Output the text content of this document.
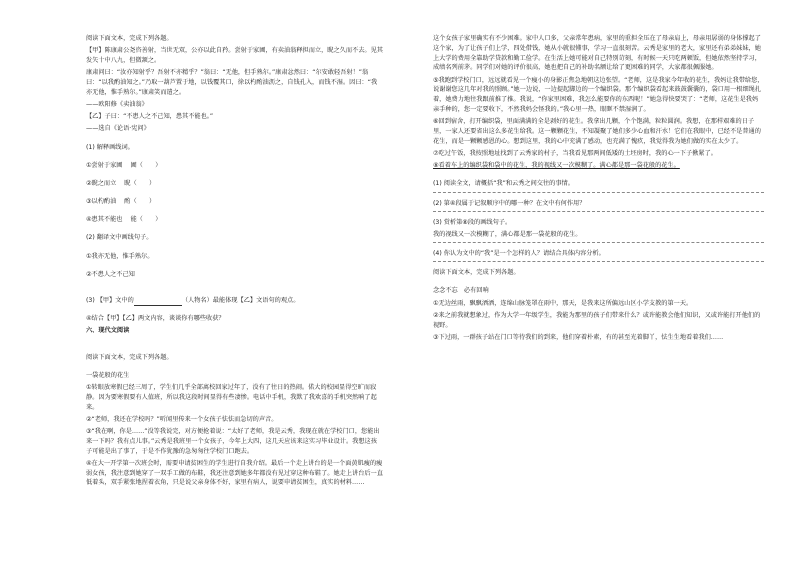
阅读下面文本，完成下列各题。

【甲】陈康肃公尧咨善射，当世无双，公亦以此自矜。尝射于家圃，有卖油翁释担而立，睨之久而不去。见其发矢十中八九，但微颔之。

康肃问曰：“汝亦知射乎？吾射不亦精乎？”翁曰：“无他，但手熟尔。”康肃忿然曰：“尔安敢轻吾射！”翁曰：“以我酌油知之。”乃取一葫芦置于地，以钱覆其口，徐以杓酌油沥之，自钱孔入，而钱不湿。因曰：“我亦无他，惟手熟尔。”康肃笑而遣之。

——欧阳修《卖油翁》

【乙】子曰：“不患人之不己知，患其不能也。”

——选自《论语·宪问》

(1) 解释画线词。

①尝射于家圃 圃（　　）

②睨之而立 睨（　　）

③以杓酌油 酌（　　）

④患其不能也 能（　　）

(2) 翻译文中画线句子。

①我亦无他，惟手熟尔。

②不患人之不己知

(3) 【甲】文中的	（人物名）最能体现【乙】文语句的观点。

④结合【甲】【乙】两文内容，谈谈你有哪些收获？

六、现代文阅读

阅读下面文本，完成下列各题。

一袋花般的花生

①转眼放寒假已经三周了，学生们几乎全部离校回家过年了，没有了往日的热闹。偌大的校园显得空旷而寂静。因为要寒假要有人值班，所以我这段时间显得有些凄惨。电话中手机，我默了我欢喜的手机突然响了起来。

②“老师，我还在学校吗？”听闻里传来一个女孩子怯怯而急切的声音。

③“我在啊，你是……”没等我说完，对方便抢着说：“太好了老师，我是云秀，我现在就在学校门口，您能出来一下吗？我有点儿事。”云秀是我班里一个女孩子，今年上大四，这几天应该来这实习毕业设计。我想这孩子可能是出了事了，于是不作犹豫的急匆匆往学校门口跑去。

④在大一开学第一次班会时，需要申请贫困生的学生进行自我介绍。最后一个走上讲台的是一个面黄肌瘦的瘦弱女孩，我注意到她穿了一双手工做的布鞋，我还注意到她多年都没有见过穿这种布鞋了。她走上讲台后一直低着头，双手紧张地捏着衣角，只是说父亲身体不好，家里有病人，说要申请贫困生，真实的材料……

这个女孩子家里确实有不少困难。家中人口多，父亲常年患病，家里的重担全压在了母亲肩上，母亲用孱弱的身体撑起了这个家，为了让孩子们上学，四处借钱，她从小就很懂事，学习一直很刻苦。云秀是家里的老大，家里还有弟弟妹妹，她上大学的费用全靠助学贷款和勤工俭学。在生活上她可能对自己特别苛刻，有时候一天只吃两顿饭，但她依然坚持学习，成绩名列前茅。同学们对她的评价很高，她也把自己的补助名额让给了更困难的同学，大家都很佩服她。

⑤我跑到学校门口，远远就看见一个瘦小的身影正焦急地朝这边张望。“老师，这是我家今年收的花生，我妈让我带给您，说谢谢您这几年对我的照顾。”她一边说，一边提起脚边的一个编织袋。那个编织袋看起来鼓鼓囊囊的，袋口用一根细绳扎着，她费力地往我跟前推了推。我说，“你家里困难，我怎么能要你的东西呢！”她急得快要哭了：“老师，这花生是我妈亲手种的，您一定要收下，不然我妈会怪我的。”我心里一热，眼眶不禁湿润了。

⑥回到宿舍，打开编织袋，里面满满的全是剥好的花生。我拿出几颗，个个饱满，粒粒圆润。我想，在那样艰难的日子里，一家人还要省出这么多花生给我。这一颗颗花生，不知凝聚了她们多少心血和汗水！它们在我眼中，已经不是普通的花生，而是一颗颗感恩的心。想到这里，我的心中充满了感动，也充满了愧疚，我觉得我为她们做的实在太少了。

⑦吃过午饭，我按照地址找到了云秀家的村子，当我看见那两间低矮的土坯房时，我的心一下子揪紧了。

⑧看着车上的编织袋和袋中的花生，我的视线又一次模糊了。满心都是那一袋花般的花生。

(1) 阅读全文，请概括“我”和云秀之间交往的事情。

(2) 第④段属于记叙顺序中的哪一种？在文中有何作用？

(3) 赏析第⑧段的画线句子。

我的视线又一次模糊了，满心都是那一袋花般的花生。

(4) 你认为文中的“我”是一个怎样的人？请结合具体内容分析。

阅读下面文本，完成下列各题。

念念不忘　必有回响

①无边丝雨，飘飘洒洒，连绵山脉笼罩在雨中，那天，是我来这所偏远山区小学支教的第一天。

②来之前我就想象过，作为大学一年级学生，我能为那里的孩子们带来什么？或许能教会他们知识，又或许能打开他们的视野。

③下过雨，一群孩子站在门口等待我们的到来，他们穿着朴素，有的甚至光着脚丫，怯生生地看着我们……
